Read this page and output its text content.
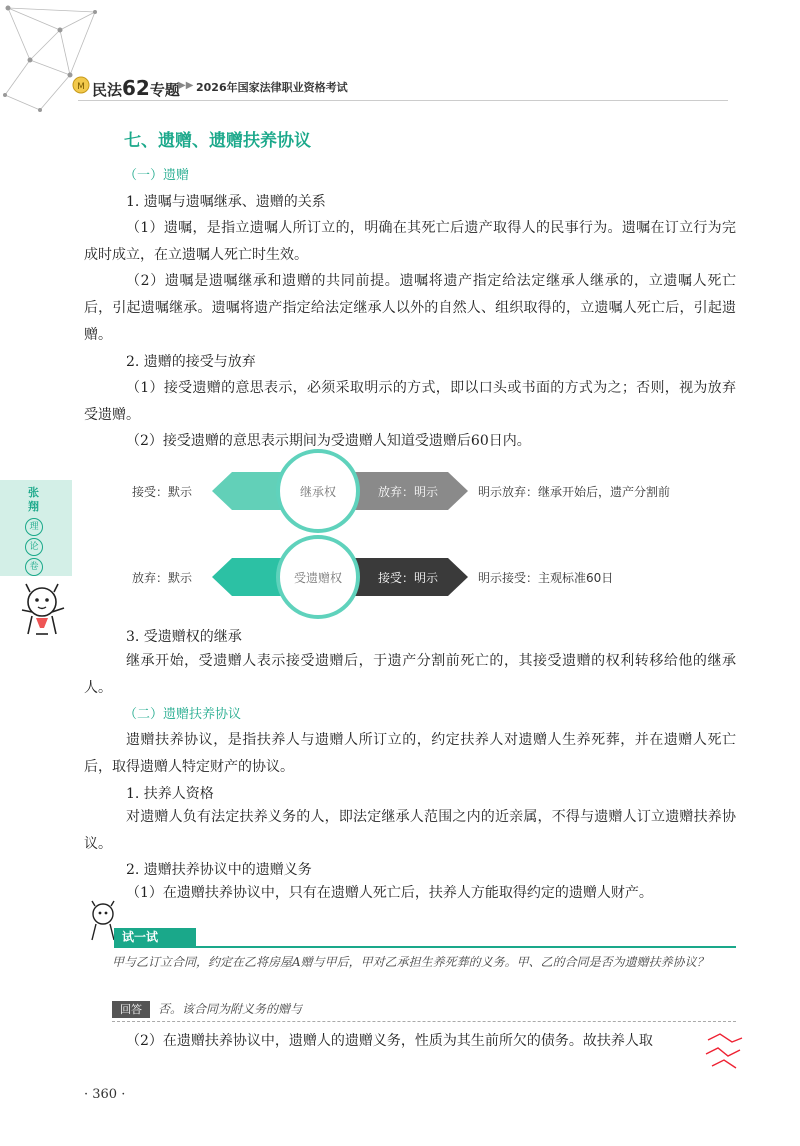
M 民法62专题
▶▶ 2026年国家法律职业资格考试
七、遗赠、遗赠扶养协议
（一）遗赠
1. 遗嘱与遗嘱继承、遗赠的关系

（1）遗嘱，是指立遗嘱人所订立的，明确在其死亡后遗产取得人的民事行为。遗嘱在订立行为完成时成立，在立遗嘱人死亡时生效。

（2）遗嘱是遗嘱继承和遗赠的共同前提。遗嘱将遗产指定给法定继承人继承的，立遗嘱人死亡后，引起遗嘱继承。遗嘱将遗产指定给法定继承人以外的自然人、组织取得的，立遗嘱人死亡后，引起遗赠。

2. 遗赠的接受与放弃

（1）接受遗赠的意思表示，必须采取明示的方式，即以口头或书面的方式为之；否则，视为放弃受遗赠。

（2）接受遗赠的意思表示期间为受遗赠人知道受遗赠后60日内。

接受：默示	放弃：明示
继承权	明示放弃：继承开始后，遗产分割前
放弃：默示	接受：明示
受遗赠权	明示接受：主观标准60日
张翔
理
论
卷
3. 受遗赠权的继承

继承开始，受遗赠人表示接受遗赠后，于遗产分割前死亡的，其接受遗赠的权利转移给他的继承人。

（二）遗赠扶养协议

遗赠扶养协议，是指扶养人与遗赠人所订立的，约定扶养人对遗赠人生养死葬，并在遗赠人死亡后，取得遗赠人特定财产的协议。

1. 扶养人资格

对遗赠人负有法定扶养义务的人，即法定继承人范围之内的近亲属，不得与遗赠人订立遗赠扶养协议。

2. 遗赠扶养协议中的遗赠义务

（1）在遗赠扶养协议中，只有在遗赠人死亡后，扶养人方能取得约定的遗赠人财产。

试一试

甲与乙订立合同，约定在乙将房屋A赠与甲后，甲对乙承担生养死葬的义务。甲、乙的合同是否为遗赠扶养协议？

回答	否。该合同为附义务的赠与

（2）在遗赠扶养协议中，遗赠人的遗赠义务，性质为其生前所欠的债务。故扶养人取

· 360 ·
